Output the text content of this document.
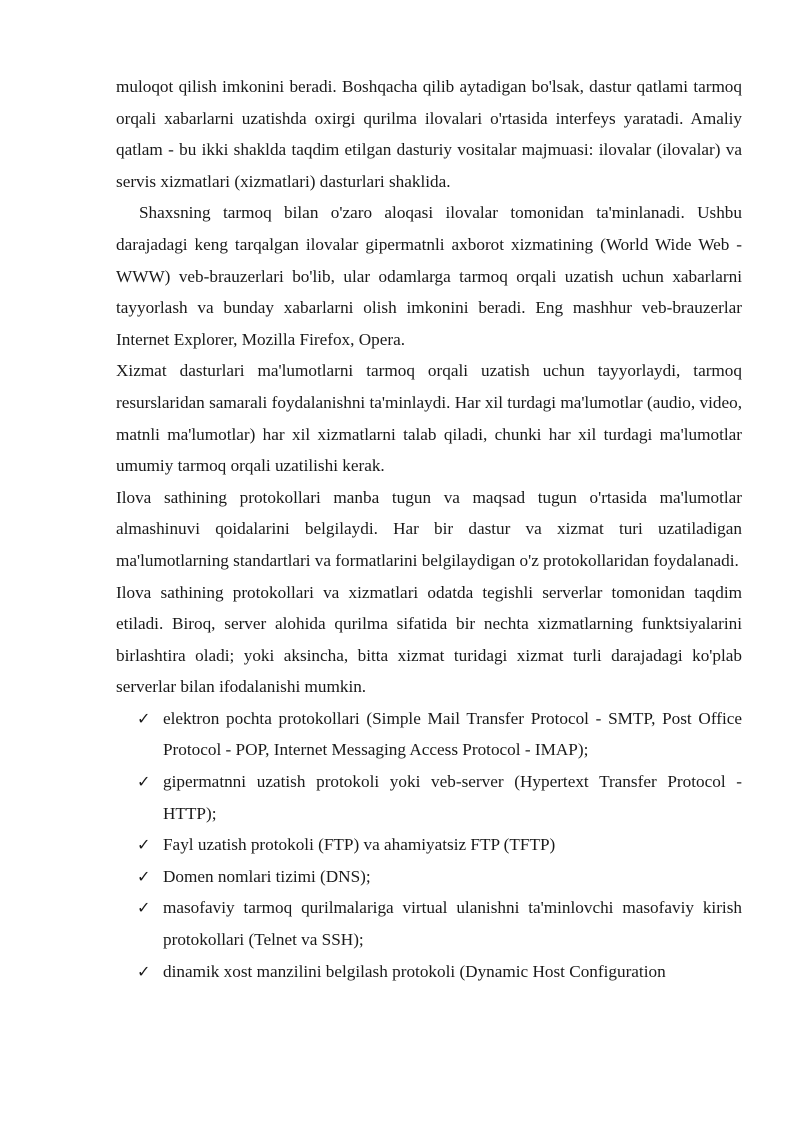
muloqot qilish imkonini beradi. Boshqacha qilib aytadigan bo'lsak, dastur qatlami tarmoq orqali xabarlarni uzatishda oxirgi qurilma ilovalari o'rtasida interfeys yaratadi. Amaliy qatlam - bu ikki shaklda taqdim etilgan dasturiy vositalar majmuasi: ilovalar (ilovalar) va servis xizmatlari (xizmatlari) dasturlari shaklida.

Shaxsning tarmoq bilan o'zaro aloqasi ilovalar tomonidan ta'minlanadi. Ushbu darajadagi keng tarqalgan ilovalar gipermatnli axborot xizmatining (World Wide Web - WWW) veb-brauzerlari bo'lib, ular odamlarga tarmoq orqali uzatish uchun xabarlarni tayyorlash va bunday xabarlarni olish imkonini beradi. Eng mashhur veb-brauzerlar Internet Explorer, Mozilla Firefox, Opera.

Xizmat dasturlari ma'lumotlarni tarmoq orqali uzatish uchun tayyorlaydi, tarmoq resurslaridan samarali foydalanishni ta'minlaydi. Har xil turdagi ma'lumotlar (audio, video, matnli ma'lumotlar) har xil xizmatlarni talab qiladi, chunki har xil turdagi ma'lumotlar umumiy tarmoq orqali uzatilishi kerak.

Ilova sathining protokollari manba tugun va maqsad tugun o'rtasida ma'lumotlar almashinuvi qoidalarini belgilaydi. Har bir dastur va xizmat turi uzatiladigan ma'lumotlarning standartlari va formatlarini belgilaydigan o'z protokollaridan foydalanadi.

Ilova sathining protokollari va xizmatlari odatda tegishli serverlar tomonidan taqdim etiladi. Biroq, server alohida qurilma sifatida bir nechta xizmatlarning funktsiyalarini birlashtira oladi; yoki aksincha, bitta xizmat turidagi xizmat turli darajadagi ko'plab serverlar bilan ifodalanishi mumkin.

✓ elektron pochta protokollari (Simple Mail Transfer Protocol - SMTP, Post Office Protocol - POP, Internet Messaging Access Protocol - IMAP);
✓ gipermatnni uzatish protokoli yoki veb-server (Hypertext Transfer Protocol - HTTP);
✓ Fayl uzatish protokoli (FTP) va ahamiyatsiz FTP (TFTP)
✓ Domen nomlari tizimi (DNS);
✓ masofaviy tarmoq qurilmalariga virtual ulanishni ta'minlovchi masofaviy kirish protokollari (Telnet va SSH);
✓ dinamik xost manzilini belgilash protokoli (Dynamic Host Configuration
